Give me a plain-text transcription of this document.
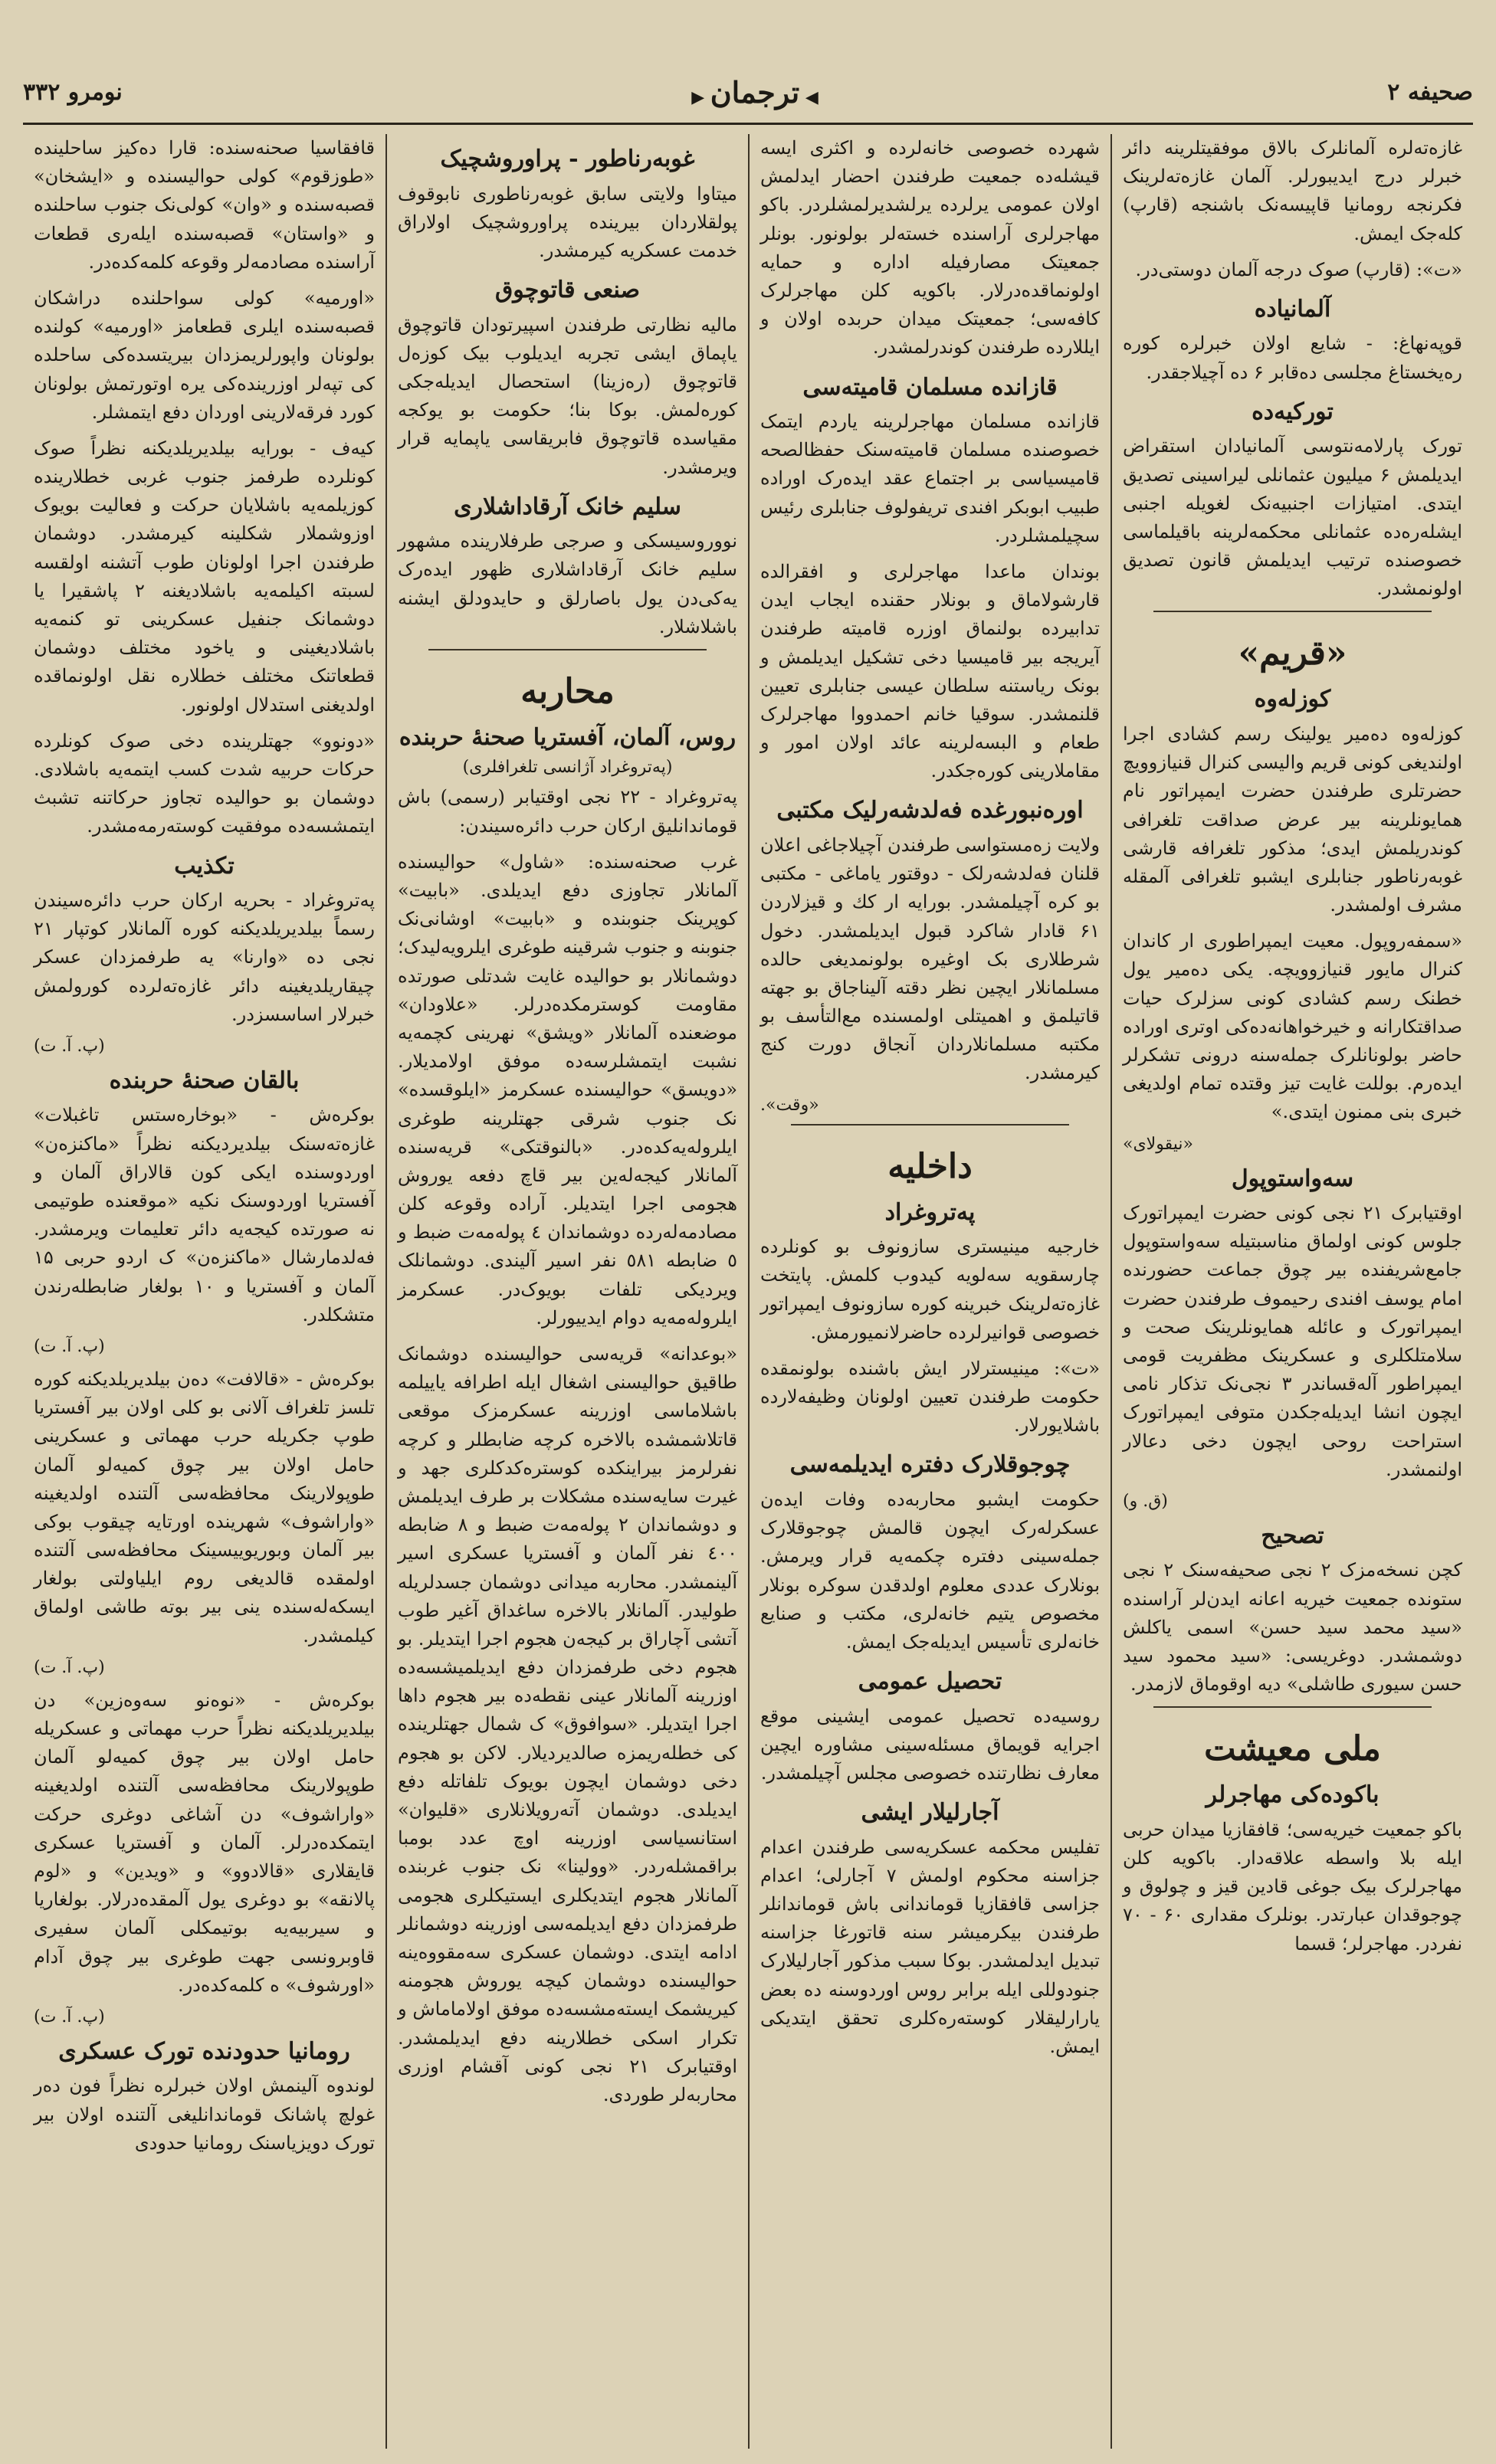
صحیفه ۲
◀ ترجمان ▶
نومرو ۳۳۲
غازه‌ته‌لره آلمانلرک بالاق موفقیتلرینه دائر خبرلر درج ایدیبورلر. آلمان غازه‌ته‌لرینک فکرنجه رومانیا قاپیسه‌نک باشنجه (قارپ) کله‌جک ایمش.
«ت»: (قارپ) صوک درجه آلمان دوستی‌در.
آلمانیاده
قوپه‌نهاغ: - شایع اولان خبرلره کوره رەیخستاغ مجلسی ده‌قابر ۶ ده آچیلاجقدر.
تورکیه‌ده
تورک پارلامەنتوسی آلمانیادان استقراض ایدیلمش ۶ میلیون عثمانلی لیراسینی تصدیق ایتدی. امتیازات اجنبیه‌نک لغویله اجنبی ایشلەره‌ده عثمانلی محکمه‌لرینه باقیلماسی خصوصنده ترتیب ایدیلمش قانون تصدیق اولونمشدر.
«قریم»
کوزله‌وه
کوزله‌وه ده‌میر یولینک رسم کشادی اجرا اولندیغی کونی قریم والیسی کنرال قنیازوویچ حضرتلری طرفندن حضرت ایمپراتور نام همایونلرینه بیر عرض صداقت تلغرافی کوندریلمش ایدی؛ مذکور تلغرافه قارشی غوبەرناطور جنابلری ایشبو تلغرافی آلمقله مشرف اولمشدر.
«سمفەروپول. معیت ایمپراطوری ار کاندان کنرال مایور قنیازوویچه. یکی دەمیر یول خطنک رسم کشادی کونی سزلرک حیات صداقتکارانه و خیرخواهانه‌ده‌کی اوتری اورادە حاضر بولونانلرک جمله‌سنه درونی تشکرلر ایدەرم. بوللت غایت تیز وقتده تمام اولدیغی خبری بنی ممنون ایتدی.»
«نیقولای»
سه‌واستوپول
اوقتیابرک ۲۱ نجی کونی حضرت ایمپراتورک جلوس کونی اولماق مناسبتیله سه‌واستوپول جامع‌شریفنده بیر چوق جماعت حضورنده امام یوسف افندی رحیموف طرفندن حضرت ایمپراتورک و عائله همایونلرینک صحت و سلامتلکلری و عسکرینک مظفریت قومی ایمپراطور آلەقساندر ۳ نجی‌نک تذکار نامی ایچون انشا ایدیله‌جکدن متوفی ایمپراتورک استراحت روحی ایچون دخی دعالار اولنمشدر.
(ق. و)
تصحیح
کچن نسخه‌مزک ۲ نجی صحیفه‌سنک ۲ نجی ستونده جمعیت خیریه اعانه ایدن‌لر آراسنده «سید محمد سید حسن» اسمی یاکلش دوشمشدر. دوغریسی: «سید محمود سید حسن سیوری طاشلی» دیه اوقوماق لازمدر.
ملی معیشت
باکوده‌کی مهاجرلر
باکو جمعیت خیریه‌سی؛ قافقازیا میدان حربی ایله بلا واسطه علاقه‌دار. باکویه کلن مهاجرلرک بیک جوغی قادین قیز و چولوق و چوجوقدان عبارتدر. بونلرک مقداری ۶۰ - ۷۰ نفردر. مهاجرلر؛ قسما
شهرده خصوصی خانه‌لرده و اکثری ایسه قیشله‌ده جمعیت طرفندن احضار ایدلمش اولان عمومی یرلرده یرلشدیرلمشلردر. باکو مهاجرلری آراسنده خسته‌لر بولونور. بونلر جمعیتک مصارفیله اداره و حمایه اولونماقده‌درلار. باکویه کلن مهاجرلرک کافه‌سی؛ جمعیتک میدان حربده اولان و ایللارده طرفندن کوندرلمشدر.
قازانده مسلمان قامیته‌سی
قازانده مسلمان مهاجرلرینه یاردم ایتمک خصوصنده مسلمان قامیته‌سنک حفظالصحه قامیسیاسی بر اجتماع عقد ایده‌رک اورادە طبیب ابوبکر افندی تریفولوف جنابلری رئیس سچیلمشلردر.
بوندان ماعدا مهاجرلری و افقرالده قارشولاماق و بونلار حقنده ایجاب ایدن تدابیرده بولنماق اوزره قامیته طرفندن آیریجه بیر قامیسیا دخی تشکیل ایدیلمش و بونک ریاستنه سلطان عیسی جنابلری تعیین قلنمشدر. سوقیا خانم احمدووا مهاجرلرک طعام و البسه‌لرینه عائد اولان امور و مقاملارینی کوره‌جکدر.
اورەنبورغده فەلدشەرلیک مکتبی
ولایت زەمستواسی طرفندن آچیلاجاغی اعلان قلنان فەلدشەرلک - دوقتور یاماغی - مکتبی بو کره آچیلمشدر. بورایه ار کك و قیزلاردن ۶۱ قادار شاکرد قبول ایدیلمشدر. دخول شرطلاری بک اوغیرە بولونمدیغی حالده مسلمانلار ایچین نظر دقته آلیناجاق بو جهته قاتیلمق و اهمیتلی اولمسنده مع‌التأسف بو مکتبه مسلمانلاردان آنجاق دورت کنج کیرمشدر.
«وقت».
داخلیه
پەتروغراد
خارجیه مینیستری سازونوف بو کونلرده چارسقویه سەلویه کیدوب کلمش. پایتخت غازه‌ته‌لرینک خبرینه کوره سازونوف ایمپراتور خصوصی قوانیرلرده حاضرلانمیورمش.
«ت»: مینیسترلار ایش باشنده بولونمقده حکومت طرفندن تعیین اولونان وظیفەلارده باشلایورلار.
چوجوقلارک دفتره ایدیلمه‌سی
حکومت ایشبو محاربه‌ده وفات ایدەن عسکرلەرک ایچون قالمش چوجوقلارک جمله‌سینی دفتره چکمه‌یه قرار ویرمش. بونلارک عددی معلوم اولدقدن سوکره بونلار مخصوص یتیم خانه‌لری، مکتب و صنایع خانه‌لری تأسیس ایدیله‌جک ایمش.
تحصیل عمومی
روسیه‌ده تحصیل عمومی ایشینی موقع اجرایه قویماق مسئله‌سینی مشاوره ایچین معارف نظارتنده خصوصی مجلس آچیلمشدر.
آجارلیلار ایشی
تفلیس محکمه عسکریه‌سی طرفندن اعدام جزاسنه محکوم اولمش ۷ آجارلی؛ اعدام جزاسی قافقازیا قوماندانی باش قوماندانلر طرفندن بیکرمیشر سنه قاتورغا جزاسنه تبدیل ایدلمشدر. بوکا سبب مذکور آجارلیلارک جنودوللی ایله برابر روس اوردوسنه ده بعض یارارلیقلار کوستەره‌کلری تحقق ایتدیکی ایمش.
غوبەرناطور - پراوروشچیک
میتاوا ولایتی سابق غوبەرناطوری نابوقوف پولقلاردان بیرینده پراوروشچیک اولاراق خدمت عسکریه کیرمشدر.
صنعی قاتوچوق
مالیه نظارتی طرفندن اسپیرتودان قاتوچوق یاپماق ایشی تجربه ایدیلوب بیک کوزەل قاتوچوق (رەزینا) استحصال ایدیله‌جکی کوره‌لمش. بوکا بنا؛ حکومت بو یوکجه مقیاسده قاتوچوق فابریقاسی یاپمایه قرار ویرمشدر.
سلیم خانک آرقاداشلاری
نووروسیسکی و صرجی طرفلارینده مشهور سلیم خانک آرقاداشلاری ظهور ایدەرک یه‌کی‌دن یول باصارلق و حایدودلق ایشنه باشلاشلار.
محاربه
روس، آلمان، آفستریا صحنهٔ حربنده
(پەتروغراد آژانسی تلغرافلری)
پەتروغراد - ۲۲ نجی اوقتیابر (رسمی) باش قوماندانلیق ارکان حرب دائره‌سیندن:
غرب صحنه‌سنده: «شاول» حوالیسنده آلمانلار تجاوزی دفع ایدیلدی. «بابیت» کوپرینک جنوبنده و «بابیت» اوشانی‌نک جنوبنه و جنوب شرقینه طوغری ایلرویەلیدک؛ دوشمانلار بو حوالیده غایت شدتلی صورتده مقاومت کوسترمکده‌درلر. «علاودان» موضعنده آلمانلار «ویشق» نهرینی کچمه‌یه نشبت ایتمشلرسه‌ده موفق اولامدیلار. «دویسق» حوالیسنده عسکرمز «ایلوقسده» نک جنوب شرقی جهتلرینه طوغری ایلرولەیه‌کده‌در. «بالنوقتکی» قریه‌سنده آلمانلار کیجه‌لەین بیر قاچ دفعه یوروش هجومی اجرا ایتدیلر. آراده وقوعه کلن مصادمه‌لەرده دوشماندان ٤ پولەمەت ضبط و ٥ ضابطه ٥٨١ نفر اسیر آلیندی. دوشمانلک ویردیکی تلفات بویوک‌در. عسکرمز ایلرولەمه‌یه دوام ایدییورلر.
«بوعدانه» قریه‌سی حوالیسنده دوشمانک طاقیق حوالیسنی اشغال ایله اطرافه یاییلمه باشلاماسی اوزرینه عسکرمزک موقعی قاتلاشمشده بالاخره کرچه ضابطلر و کرچه نفرلرمز بیراینکده کوسترەکدکلری جهد و غیرت سایه‌سنده مشکلات بر طرف ایدیلمش و دوشماندان ۲ پولەمەت ضبط و ۸ ضابطه ٤٠٠ نفر آلمان و آفستریا عسکری اسیر آلینمشدر. محاربه میدانی دوشمان جسدلریله طولیدر. آلمانلار بالاخره ساغداق آغیر طوب آتشی آچاراق بر کیجەن هجوم اجرا ایتدیلر. بو هجوم دخی طرفمزدان دفع ایدیلمیشسه‌ده اوزرینه آلمانلار عینی نقطه‌ده بیر هجوم داها اجرا ایتدیلر. «سوافوق» ک شمال جهتلرینده کی خطلەریمزه صالدیردیلار. لاکن بو هجوم دخی دوشمان ایچون بویوک تلفاتله دفع ایدیلدی. دوشمان آتەرویلانلاری «قلیوان» استانسیاسی اوزرینه اوچ عدد بومبا براقمشلەردر. «وولینا» نک جنوب غربنده آلمانلار هجوم ایتدیکلری ایستیکلری هجومی طرفمزدان دفع ایدیلمه‌سی اوزرینه دوشمانلر ادامه ایتدی. دوشمان عسکری سەمقووەینە حوالیسنده دوشمان کیچه یوروش هجومنه کیریشمک ایستەمشسه‌ده موفق اولاماماش و تکرار اسکی خطلارینه دفع ایدیلمشدر. اوقتیابرک ۲۱ نجی کونی آقشام اوزری محاربه‌لر طوردی.
قافقاسیا صحنه‌سنده: قارا ده‌کیز ساحلینده «طوزقوم» کولی حوالیسنده و «ایشخان» قصبه‌سنده و «وان» کولی‌نک جنوب ساحلنده و «واستان» قصبه‌سنده ایلەری قطعات آراسنده مصادمه‌لر وقوعه کلمه‌کده‌در.
«اورمیه» کولی سواحلنده دراشکان قصبه‌سنده ایلری قطعامز «اورمیه» کولنده بولونان واپورلریمزدان بیریتسدەکی ساحلده کی تپه‌لر اوزرینده‌کی یره اوتورتمش بولونان کورد فرقه‌لارینی اوردان دفع ایتمشلر.
کیەف - بورایه بیلدیریلدیکنه نظراً صوک کونلرده طرفمز جنوب غربی خطلارینده کوزیلمه‌یه باشلایان حرکت و فعالیت بویوک اوزوشملار شکلینه کیرمشدر. دوشمان طرفندن اجرا اولونان طوب آتشنه اولقسه لسبته اکیلمه‌یه باشلادیغنه ۲ پاشقیرا یا دوشمانک جنفیل عسکرینی تو کنمه‌یه باشلادیغینی و یاخود مختلف دوشمان قطعاتنک مختلف خطلاره نقل اولونماقده اولدیغنی استدلال اولونور.
«دونوو» جهتلرینده دخی صوک کونلرده حرکات حربیه شدت کسب ایتمه‌یه باشلادی. دوشمان بو حوالیده تجاوز حرکاتنه تشبث ایتمشسه‌ده موفقیت کوستەرمه‌مشدر.
تکذیب
پەتروغراد - بحریه ارکان حرب دائره‌سیندن رسماً بیلدیریلدیکنه کوره آلمانلار کوتپار ۲۱ نجی ده «وارنا» یه طرفمزدان عسکر چیقاریلدیغینه دائر غازه‌ته‌لرده کورولمش خبرلار اساسسزدر.
(پ. آ. ت)
بالقان صحنهٔ حربنده
بوکرەش - «بوخارەستس تاغبلات» غازه‌ته‌سنک بیلدیردیکنه نظراً «ماکنزەن» اوردوسنده ایکی کون قالاراق آلمان و آفستریا اوردوسنک نکیه «موقعنده طوتیمی نه صورتده کیجه‌یه دائر تعلیمات ویرمشدر. فەلدمارشال «ماکنزەن» ک اردو حربی ۱۵ آلمان و آفستریا و ۱۰ بولغار ضابطلەرندن متشکلدر.
(پ. آ. ت)
بوکرەش - «قالافت» ده‌ن بیلدیریلدیکنه کوره تلسز تلغراف آلانی بو کلی اولان بیر آفستریا طوپ جکریله حرب مهماتی و عسکرینی حامل اولان بیر چوق کمیه‌لو آلمان طوپولارینک محافظه‌سی آلتنده اولدیغینه «واراشوف» شهرینده اورتایه چیقوب بوکی بیر آلمان وبوریوییسینک محافظه‌سی آلتنده اولمقدە قالدیغی روم ایلیاولتی بولغار ایسکەله‌سنده ینی بیر بوته طاشی اولماق کیلمشدر.
(پ. آ. ت)
بوکرەش - «نوه‌نو سه‌وه‌زین» دن بیلدیریلدیکنه نظراً حرب مهماتی و عسکریله حامل اولان بیر چوق کمیه‌لو آلمان طوپولارینک محافظه‌سی آلتنده اولدیغینه «واراشوف» دن آشاغی دوغری حرکت ایتمکده‌درلر. آلمان و آفستریا عسکری قایقلاری «قالادوو» و «ویدین» و «لوم پالانقه» بو دوغری یول آلمقده‌درلار. بولغاریا و سیربیەیه بوتیمکلی آلمان سفیری قاوبرونسی جهت طوغری بیر چوق آدام «اورشوف» ه کلمه‌کده‌در.
(پ. آ. ت)
رومانیا حدودنده تورک عسکری
لوندوه آلینمش اولان خبرلره نظراً فون ده‌ر غولچ پاشانک قوماندانلیغی آلتنده اولان بیر تورک دویزیاسنک رومانیا حدودی
